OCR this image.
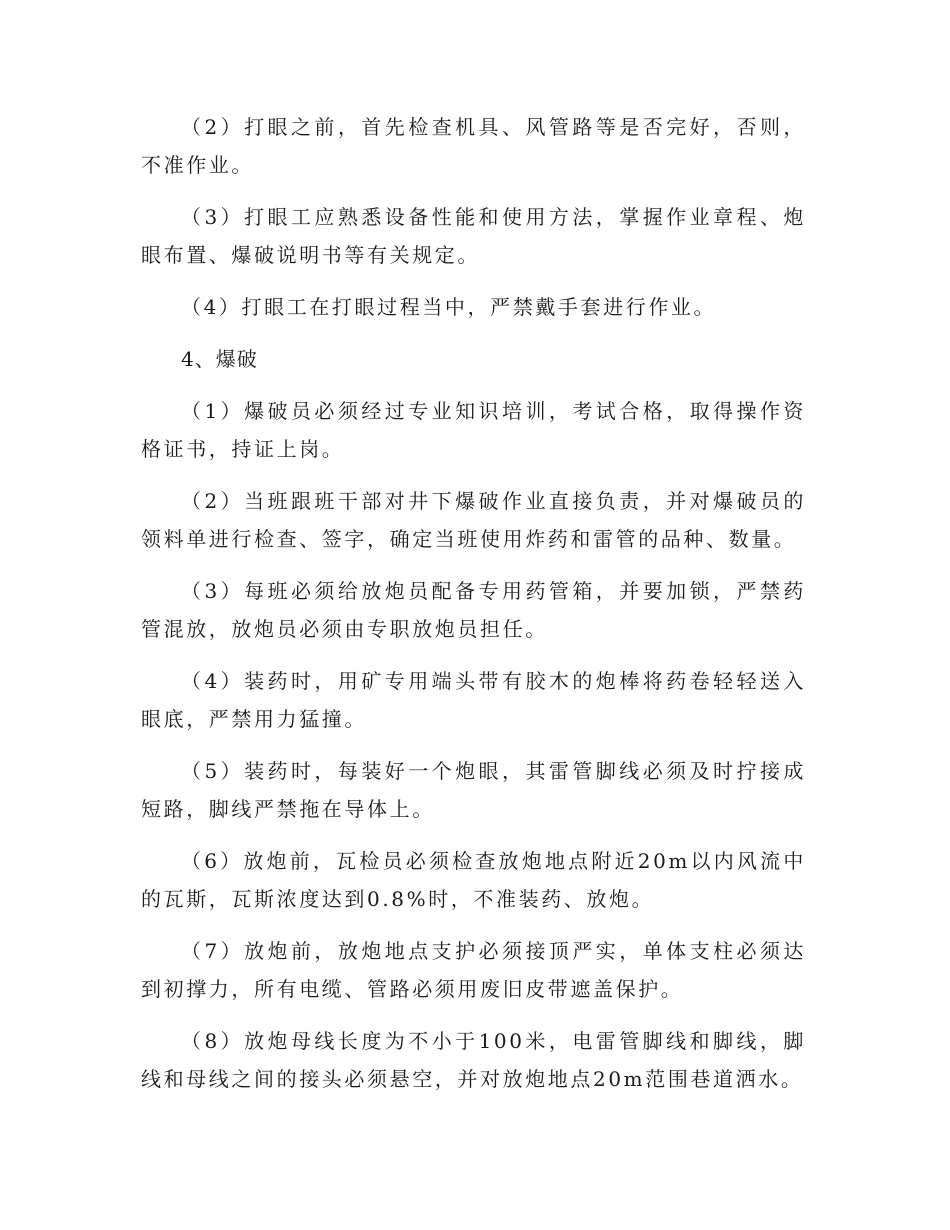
（2）打眼之前，首先检查机具、风管路等是否完好，否则，不准作业。

（3）打眼工应熟悉设备性能和使用方法，掌握作业章程、炮眼布置、爆破说明书等有关规定。

（4）打眼工在打眼过程当中，严禁戴手套进行作业。

4、爆破

（1）爆破员必须经过专业知识培训，考试合格，取得操作资格证书，持证上岗。

（2）当班跟班干部对井下爆破作业直接负责，并对爆破员的领料单进行检查、签字，确定当班使用炸药和雷管的品种、数量。

（3）每班必须给放炮员配备专用药管箱，并要加锁，严禁药管混放，放炮员必须由专职放炮员担任。

（4）装药时，用矿专用端头带有胶木的炮棒将药卷轻轻送入眼底，严禁用力猛撞。

（5）装药时，每装好一个炮眼，其雷管脚线必须及时拧接成短路，脚线严禁拖在导体上。

（6）放炮前，瓦检员必须检查放炮地点附近20m以内风流中的瓦斯，瓦斯浓度达到0.8%时，不准装药、放炮。

（7）放炮前，放炮地点支护必须接顶严实，单体支柱必须达到初撑力，所有电缆、管路必须用废旧皮带遮盖保护。

（8）放炮母线长度为不小于100米，电雷管脚线和脚线，脚线和母线之间的接头必须悬空，并对放炮地点20m范围巷道洒水。
